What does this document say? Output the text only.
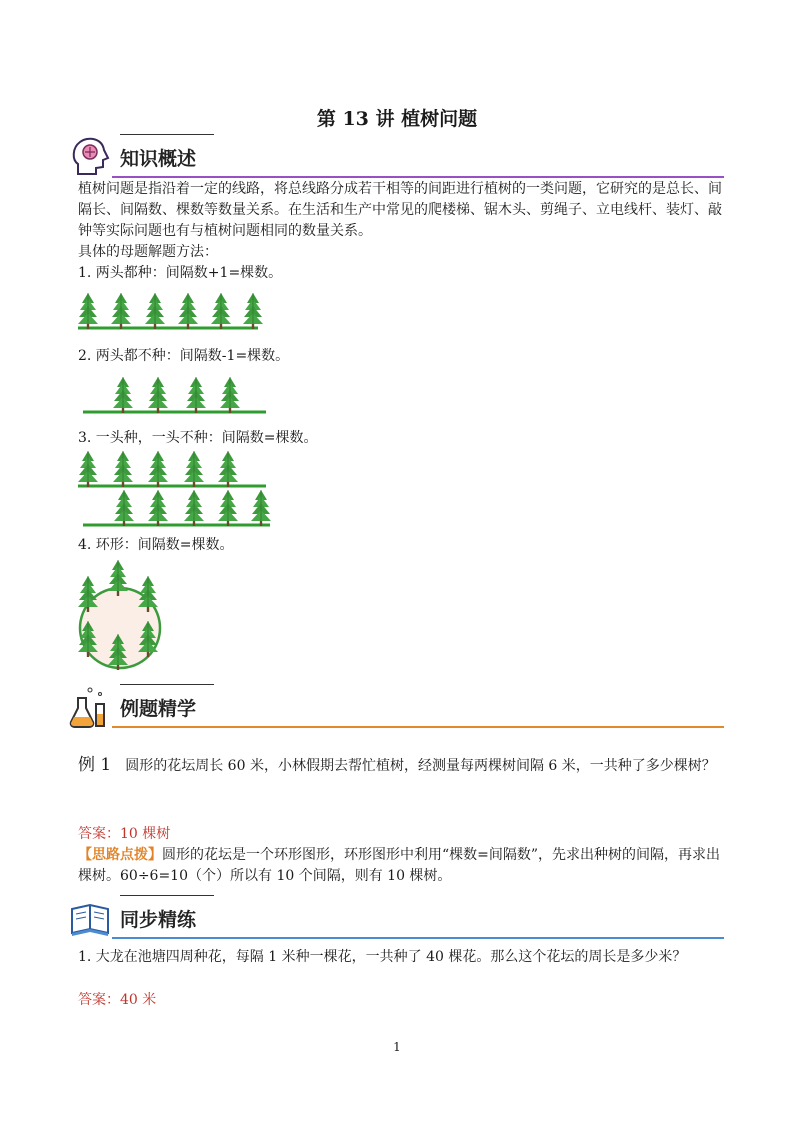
第 13 讲 植树问题
知识概述
植树问题是指沿着一定的线路，将总线路分成若干相等的间距进行植树的一类问题，它研究的是总长、间隔长、间隔数、棵数等数量关系。在生活和生产中常见的爬楼梯、锯木头、剪绳子、立电线杆、装灯、敲钟等实际问题也有与植树问题相同的数量关系。
具体的母题解题方法：
1. 两头都种：间隔数+1=棵数。
2. 两头都不种：间隔数-1=棵数。
3. 一头种，一头不种：间隔数=棵数。
4. 环形：间隔数=棵数。
例题精学
例 1 圆形的花坛周长 60 米，小林假期去帮忙植树，经测量每两棵树间隔 6 米，一共种了多少棵树？
答案：10 棵树
【思路点拨】圆形的花坛是一个环形图形，环形图形中利用“棵数=间隔数”，先求出种树的间隔，再求出棵树。60÷6=10（个）所以有 10 个间隔，则有 10 棵树。
同步精练
1. 大龙在池塘四周种花，每隔 1 米种一棵花，一共种了 40 棵花。那么这个花坛的周长是多少米？
答案：40 米
1
